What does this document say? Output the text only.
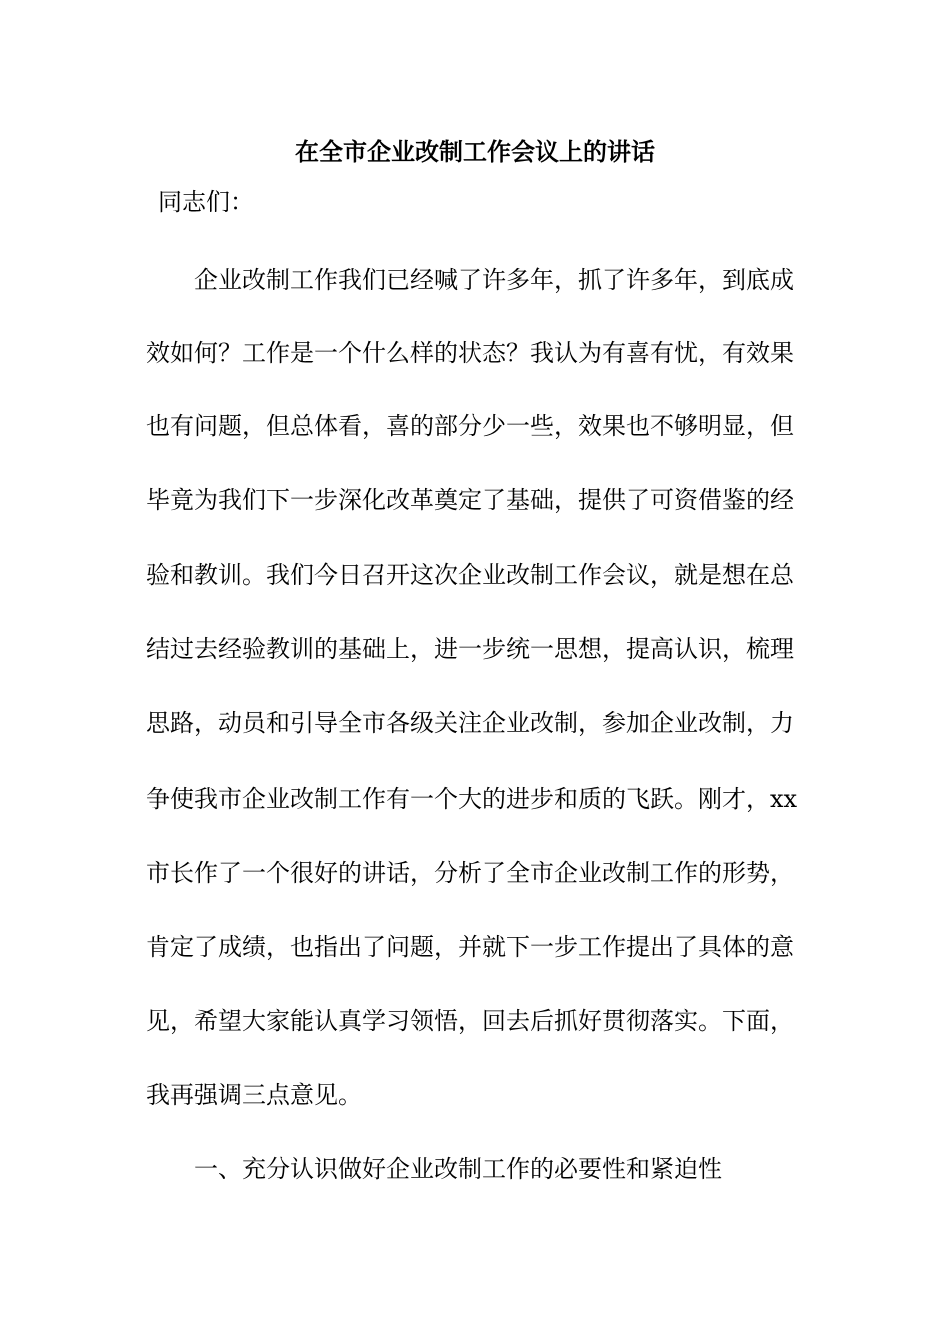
在全市企业改制工作会议上的讲话
同志们：
　　企业改制工作我们已经喊了许多年，抓了许多年，到底成
效如何？工作是一个什么样的状态？我认为有喜有忧，有效果
也有问题，但总体看，喜的部分少一些，效果也不够明显，但
毕竟为我们下一步深化改革奠定了基础，提供了可资借鉴的经
验和教训。我们今日召开这次企业改制工作会议，就是想在总
结过去经验教训的基础上，进一步统一思想，提高认识，梳理
思路，动员和引导全市各级关注企业改制，参加企业改制，力
争使我市企业改制工作有一个大的进步和质的飞跃。刚才，xx
市长作了一个很好的讲话，分析了全市企业改制工作的形势，
肯定了成绩，也指出了问题，并就下一步工作提出了具体的意
见，希望大家能认真学习领悟，回去后抓好贯彻落实。下面，
我再强调三点意见。
一、充分认识做好企业改制工作的必要性和紧迫性
